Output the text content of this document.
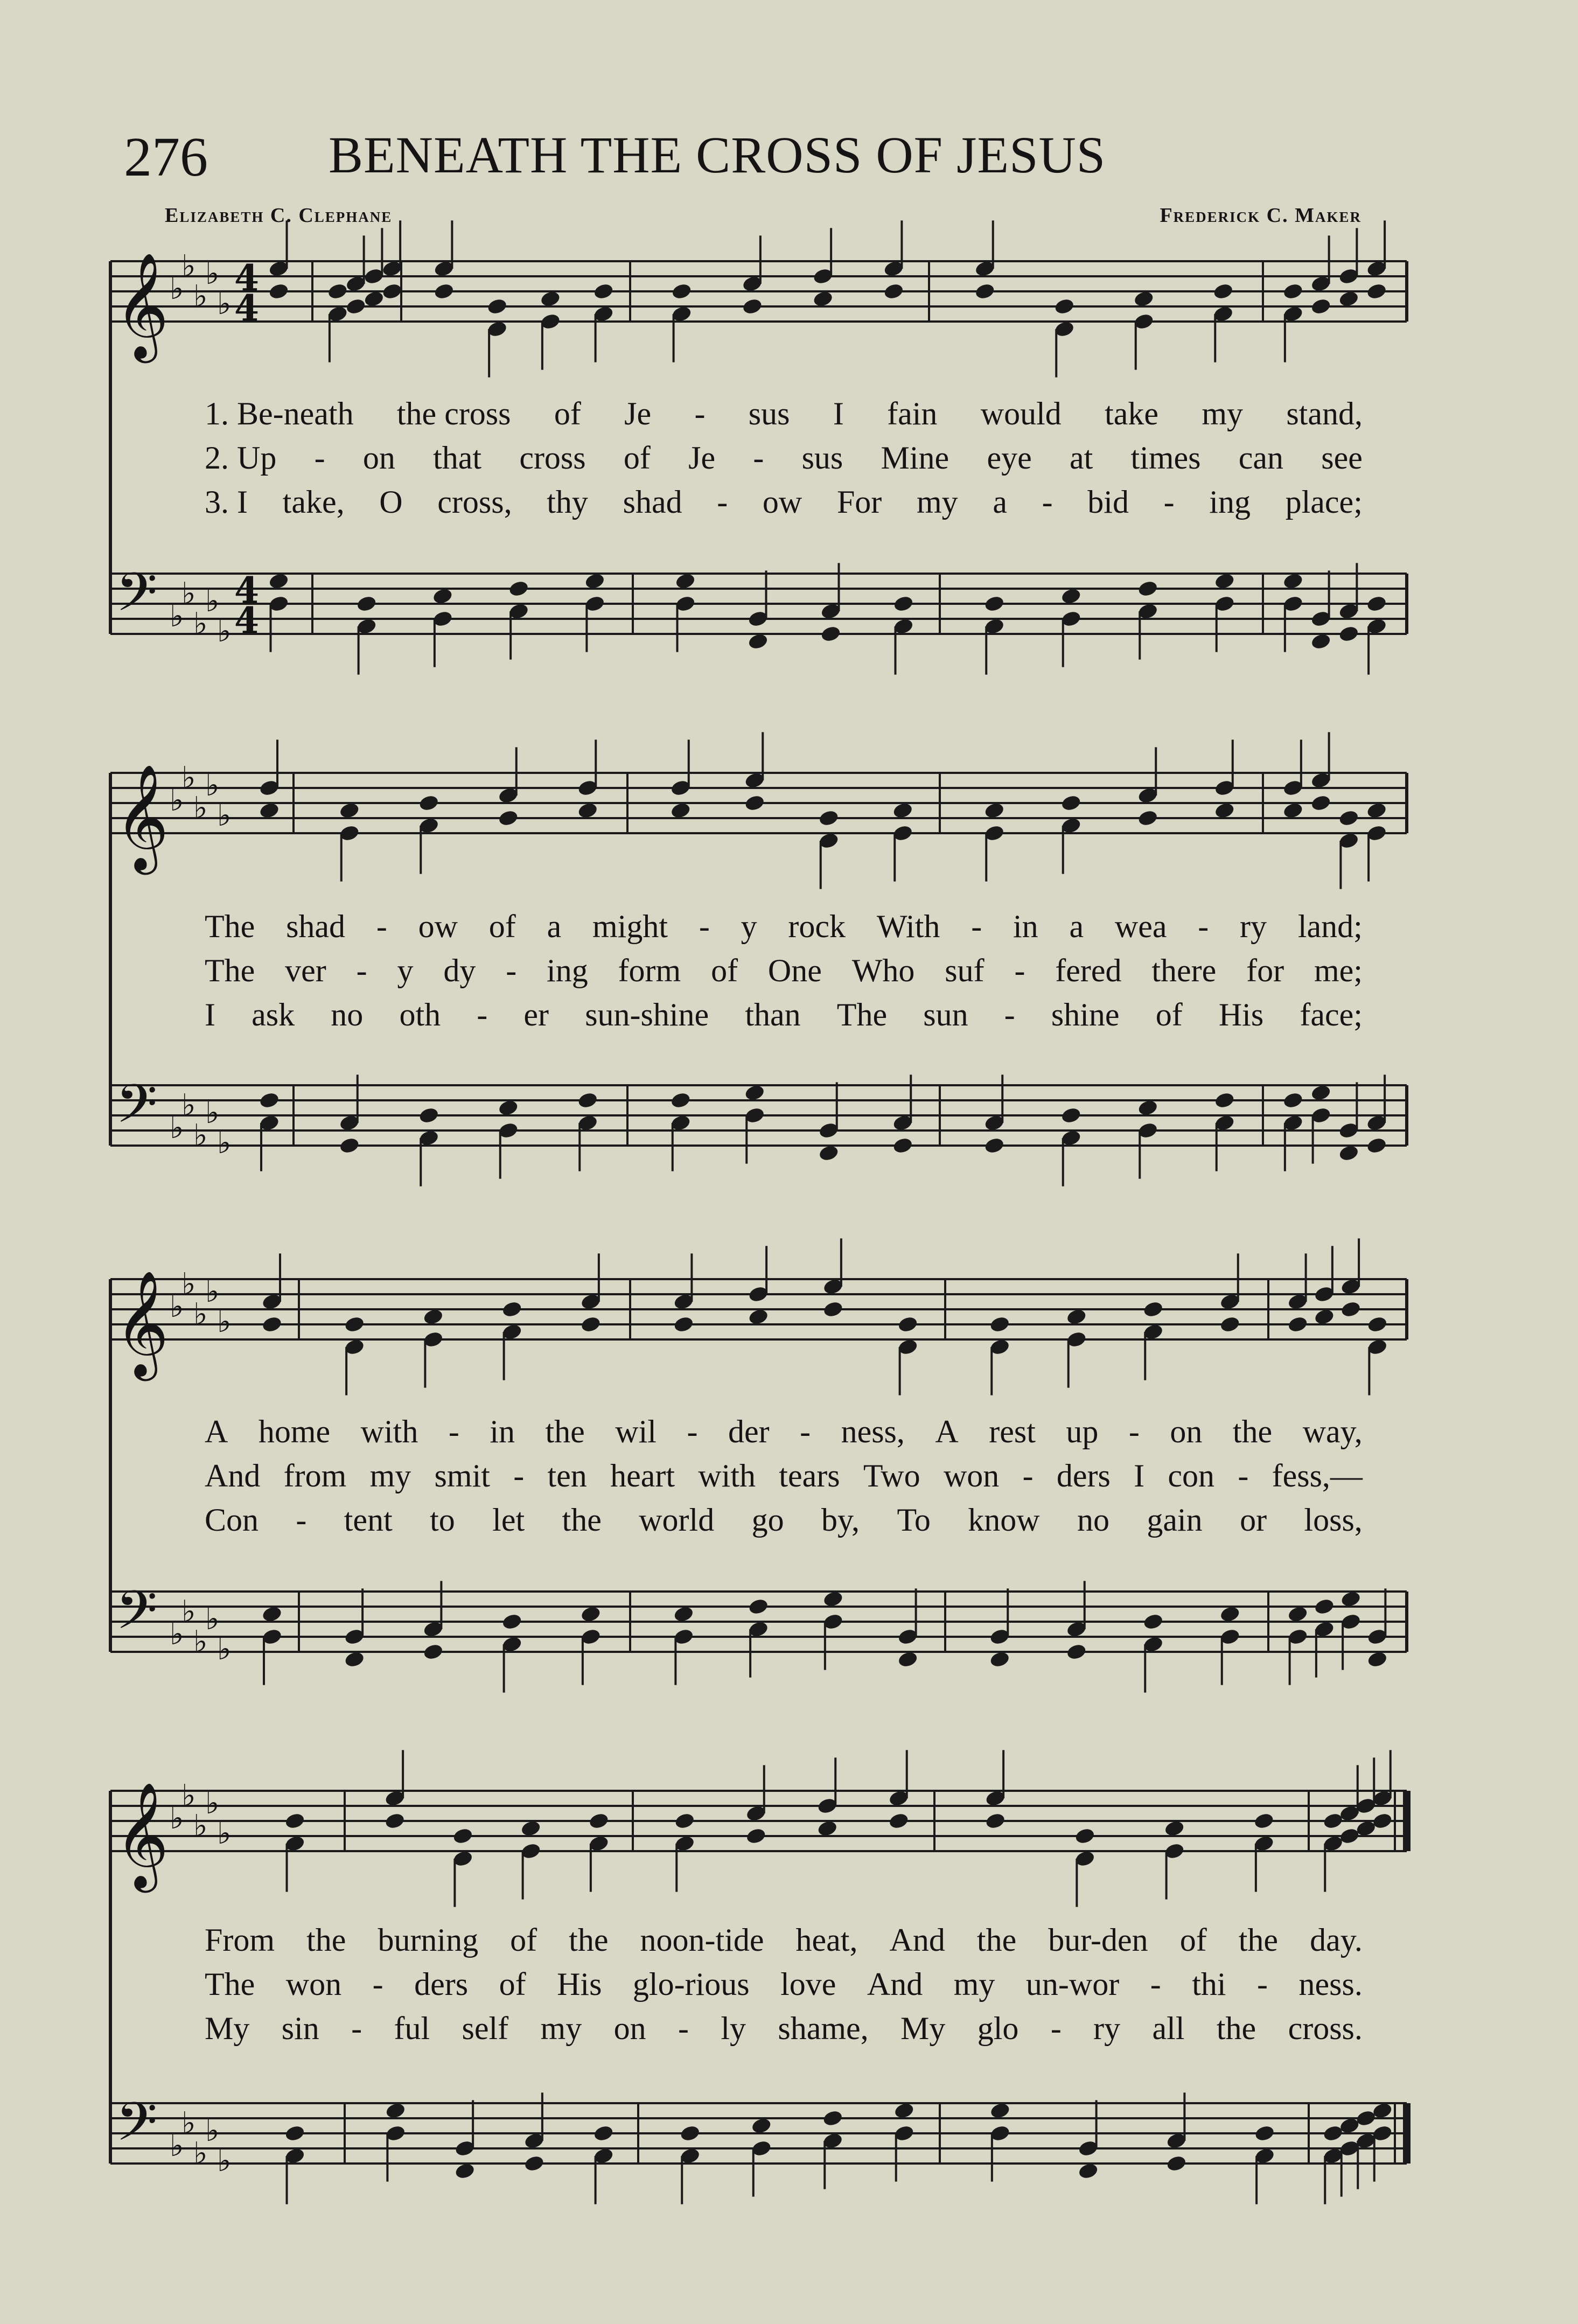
276 BENEATH THE CROSS OF JESUS
Elizabeth C. Clephane	Frederick C. Maker
𝄞 ♭
♭
♭
♭
♭
𝄢 ♭
♭
♭
♭
♭
4
4
4
4
𝄞 ♭
♭
♭
♭
♭
𝄢 ♭
♭
♭
♭
♭
𝄞 ♭
♭
♭
♭
♭
𝄢 ♭
♭
♭
♭
♭
𝄞 ♭
♭
♭
♭
♭
𝄢 ♭
♭
♭
♭
♭
1. Be-neath the cross of Je - sus I fain would take my stand,
2. Up - on that cross of Je - sus Mine eye at times can see
3. I take, O cross, thy shad - ow For my a - bid - ing place;
The shad - ow of a might - y rock With - in a wea - ry land;
The ver - y dy - ing form of One Who suf - fered there for me;
I ask no oth - er sun-shine than The sun - shine of His face;
A home with - in the wil - der - ness, A rest up - on the way,
And from my smit - ten heart with tears Two won - ders I con - fess,—
Con - tent to let the world go by, To know no gain or loss,
From the burning of the noon-tide heat, And the bur-den of the day.
The won - ders of His glo-rious love And my un-wor - thi - ness.
My sin - ful self my on - ly shame, My glo - ry all the cross.
